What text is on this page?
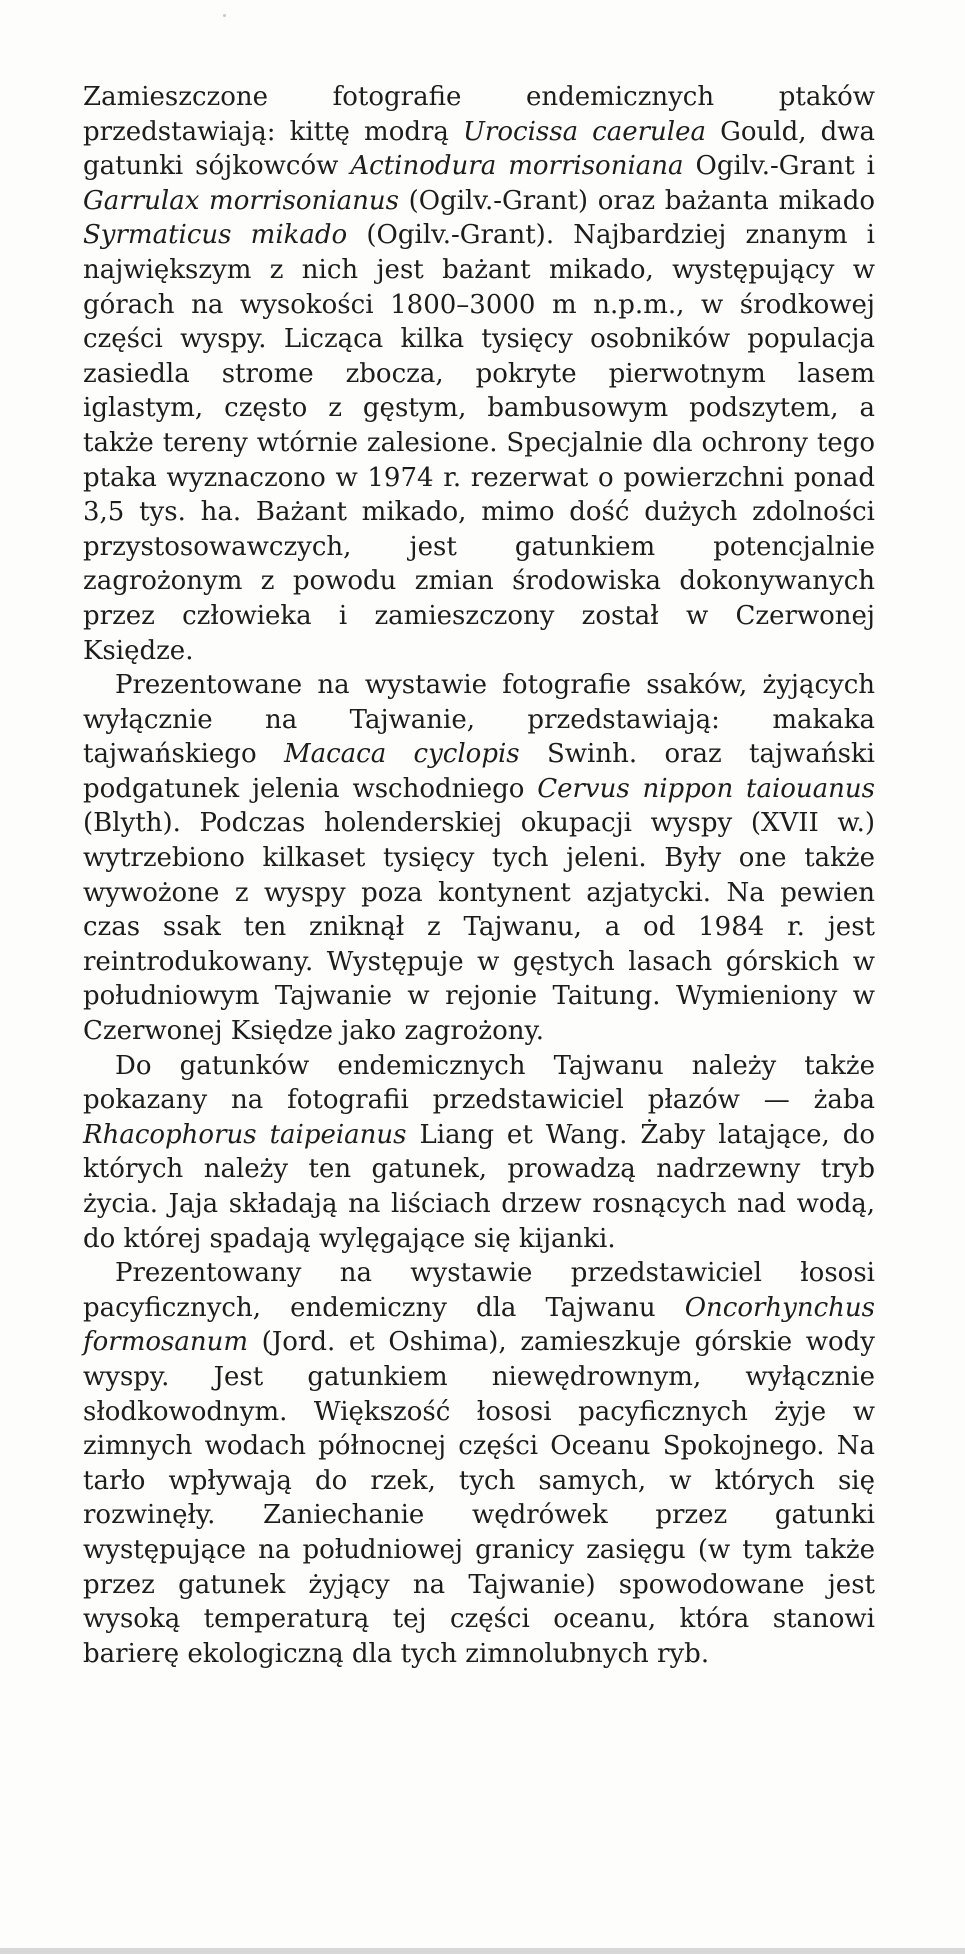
Zamieszczone fotografie endemicznych ptaków przedstawiają: kittę modrą Urocissa caerulea Gould, dwa gatunki sójkowców Actinodura morrisoniana Ogilv.-Grant i Garrulax morrisonianus (Ogilv.-Grant) oraz bażanta mikado Syrmaticus mikado (Ogilv.-Grant). Najbardziej znanym i największym z nich jest bażant mikado, występujący w górach na wysokości 1800–3000 m n.p.m., w środkowej części wyspy. Licząca kilka tysięcy osobników populacja zasiedla strome zbocza, pokryte pierwotnym lasem iglastym, często z gęstym, bambusowym podszytem, a także tereny wtórnie zalesione. Specjalnie dla ochrony tego ptaka wyznaczono w 1974 r. rezerwat o powierzchni ponad 3,5 tys. ha. Bażant mikado, mimo dość dużych zdolności przystosowawczych, jest gatunkiem potencjalnie zagrożonym z powodu zmian środowiska dokonywanych przez człowieka i zamieszczony został w Czerwonej Księdze.

Prezentowane na wystawie fotografie ssaków, żyjących wyłącznie na Tajwanie, przedstawiają: makaka tajwańskiego Macaca cyclopis Swinh. oraz tajwański podgatunek jelenia wschodniego Cervus nippon taiouanus (Blyth). Podczas holenderskiej okupacji wyspy (XVII w.) wytrzebiono kilkaset tysięcy tych jeleni. Były one także wywożone z wyspy poza kontynent azjatycki. Na pewien czas ssak ten zniknął z Tajwanu, a od 1984 r. jest reintrodukowany. Występuje w gęstych lasach górskich w południowym Tajwanie w rejonie Taitung. Wymieniony w Czerwonej Księdze jako zagrożony.

Do gatunków endemicznych Tajwanu należy także pokazany na fotografii przedstawiciel płazów — żaba Rhacophorus taipeianus Liang et Wang. Żaby latające, do których należy ten gatunek, prowadzą nadrzewny tryb życia. Jaja składają na liściach drzew rosnących nad wodą, do której spadają wylęgające się kijanki.

Prezentowany na wystawie przedstawiciel łososi pacyficznych, endemiczny dla Tajwanu Oncorhynchus formosanum (Jord. et Oshima), zamieszkuje górskie wody wyspy. Jest gatunkiem niewędrownym, wyłącznie słodkowodnym. Większość łososi pacyficznych żyje w zimnych wodach północnej części Oceanu Spokojnego. Na tarło wpływają do rzek, tych samych, w których się rozwinęły. Zaniechanie wędrówek przez gatunki występujące na południowej granicy zasięgu (w tym także przez gatunek żyjący na Tajwanie) spowodowane jest wysoką temperaturą tej części oceanu, która stanowi barierę ekologiczną dla tych zimnolubnych ryb.
